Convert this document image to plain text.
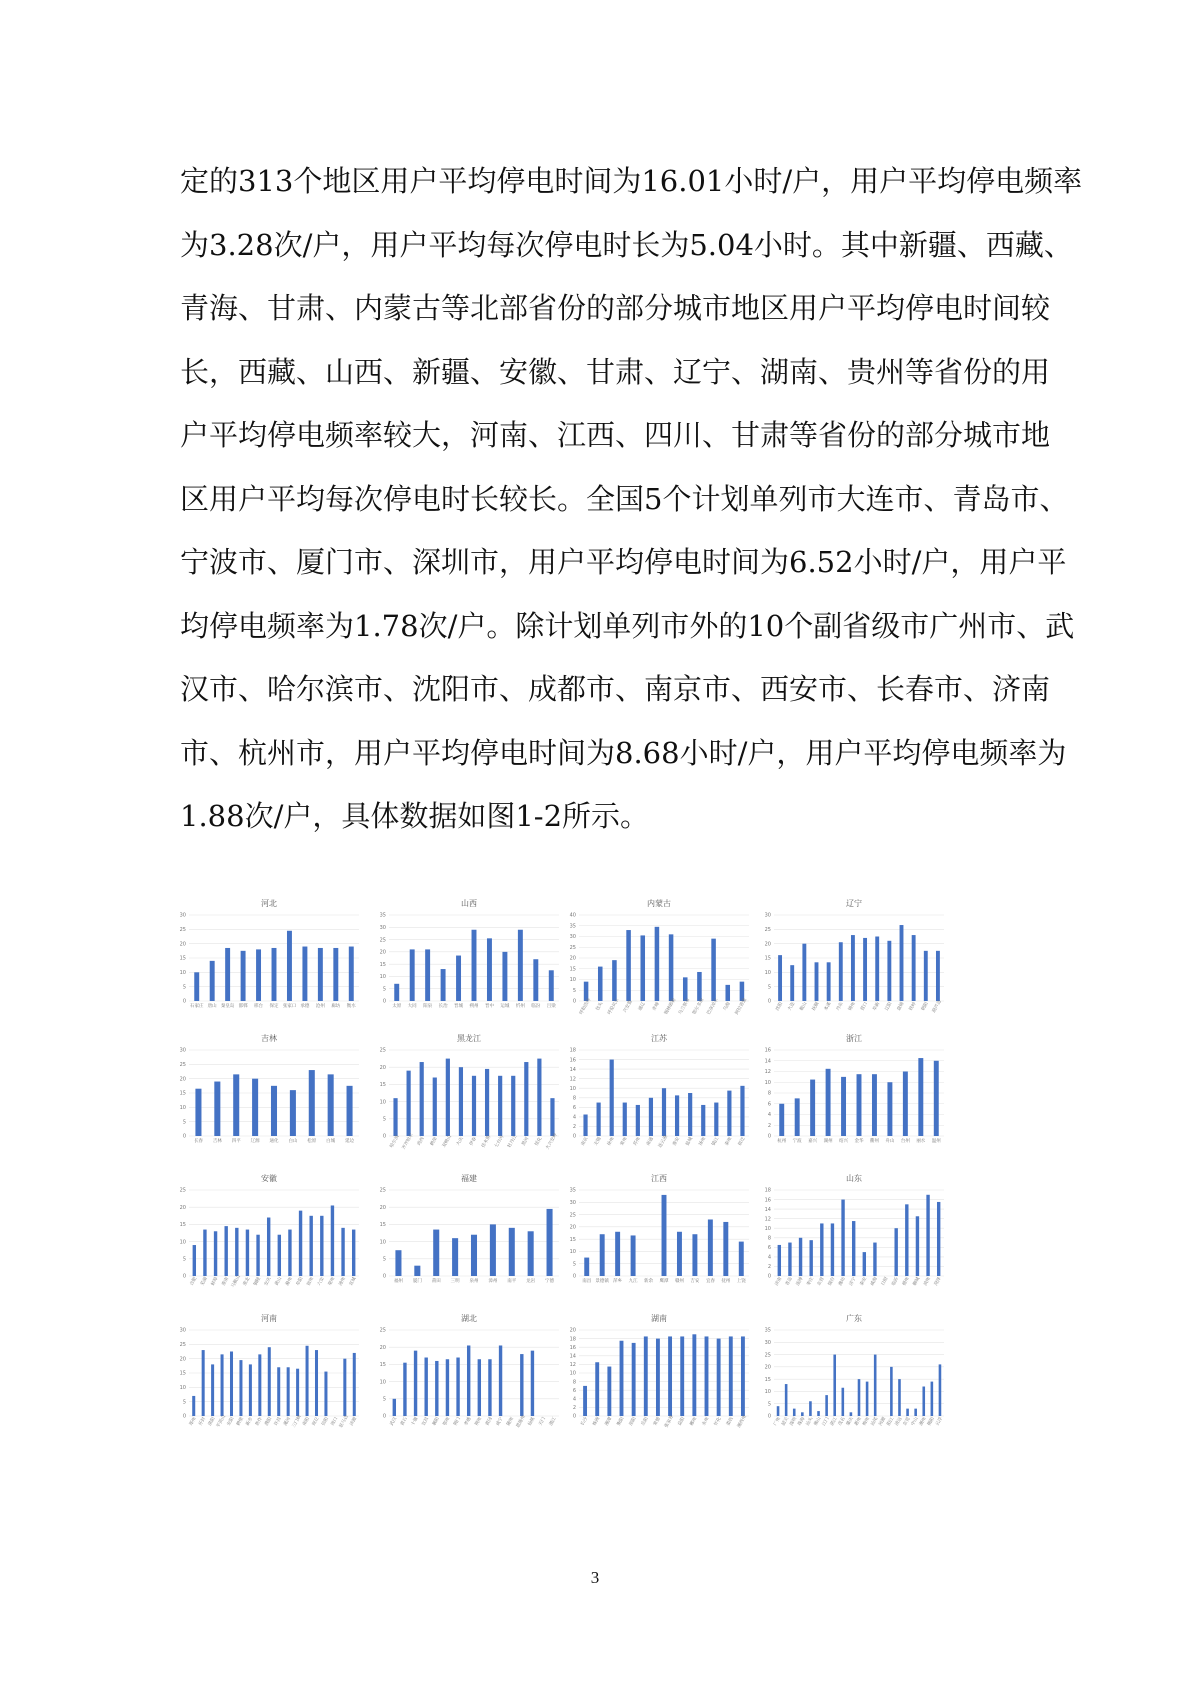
定的313个地区用户平均停电时间为16.01小时/户，用户平均停电频率
为3.28次/户，用户平均每次停电时长为5.04小时。其中新疆、西藏、
青海、甘肃、内蒙古等北部省份的部分城市地区用户平均停电时间较
长，西藏、山西、新疆、安徽、甘肃、辽宁、湖南、贵州等省份的用
户平均停电频率较大，河南、江西、四川、甘肃等省份的部分城市地
区用户平均每次停电时长较长。全国5个计划单列市大连市、青岛市、
宁波市、厦门市、深圳市，用户平均停电时间为6.52小时/户，用户平
均停电频率为1.78次/户。除计划单列市外的10个副省级市广州市、武
汉市、哈尔滨市、沈阳市、成都市、南京市、西安市、长春市、济南
市、杭州市，用户平均停电时间为8.68小时/户，用户平均停电频率为
1.88次/户，具体数据如图1-2所示。
河北
0
5
10
15
20
25
30
石家庄 唐山 秦皇岛 邯郸 邢台 保定 张家口 承德 沧州 廊坊 衡水
山西
0
5
10
15
20
25
30
35
太原 大同 阳泉 长治 晋城 朔州 晋中 运城 忻州 临汾 吕梁
内蒙古
0
5
10
15
20
25
30
35
40
呼和浩特 包头 呼伦贝尔 兴安盟 通辽	赤峰 锡林郭勒 乌兰察布 鄂尔多斯 巴彦淖尔 乌海 阿拉善盟
辽宁
0
5
10
15
20
25
30
沈阳 大连 鞍山 抚顺 本溪 丹东 锦州 营口 阜新 辽阳 盘锦 铁岭 朝阳 葫芦岛
吉林
0
5
10
15
20
25
30
长春 吉林 四平 辽源 通化 白山 松原 白城 延边
黑龙江
0
5
10
15
20
25
哈尔滨 齐齐哈尔 鸡西 鹤岗 双鸭山 大庆 伊春 佳木斯 七台河 牡丹江 黑河 绥化 大兴安岭
江苏
0
2
4
6
8
10
12
14
16
18
南京 无锡 徐州 常州 苏州 南通 连云港 淮安 盐城 扬州 镇江 泰州 宿迁
浙江
0
2
4
6
8
10
12
14
16
杭州 宁波 嘉兴 湖州 绍兴 金华 衢州 舟山 台州 丽水 温州
安徽
0
5
10
15
20
25
合肥 芜湖 蚌埠 淮南 马鞍山 淮北 铜陵 安庆 黄山 滁州 阜阳 宿州 六安 亳州 池州 宣城
福建
0
5
10
15
20
25
福州 厦门 莆田 三明 泉州 漳州 南平 龙岩 宁德
江西
0
5
10
15
20
25
30
35
南昌 景德镇 萍乡 九江 新余 鹰潭 赣州 吉安 宜春 抚州 上饶
山东
0
2
4
6
8
10
12
14
16
18
济南 青岛 淄博 枣庄 东营 烟台 潍坊 济宁 泰安 威海 日照 临沂 德州 聊城 滨州 菏泽
河南
0
5
10
15
20
25
30
郑州 开封 洛阳 平顶山 安阳 鹤壁 新乡 焦作 濮阳 许昌 漯河 三门峡 南阳 商丘 信阳 周口 驻马店 济源
湖北
0
5
10
15
20
25
武汉 黄石 十堰 宜昌 襄阳 鄂州 荆门 孝感 荆州 黄冈 咸宁 随州 恩施州 仙桃 天门 潜江
湖南
0
2
4
6
8
10
12
14
16
18
20
长沙 株洲 湘潭 衡阳 邵阳 岳阳 常德 张家界 益阳 郴州 永州 怀化 娄底 湘西州
广东
0
5
10
15
20
25
30
35
广州 韶关 深圳 珠海 汕头 佛山 江门 湛江 茂名 肇庆 惠州 梅州 汕尾 河源 阳江 清远 东莞 中山 潮州 揭阳 云浮
3
